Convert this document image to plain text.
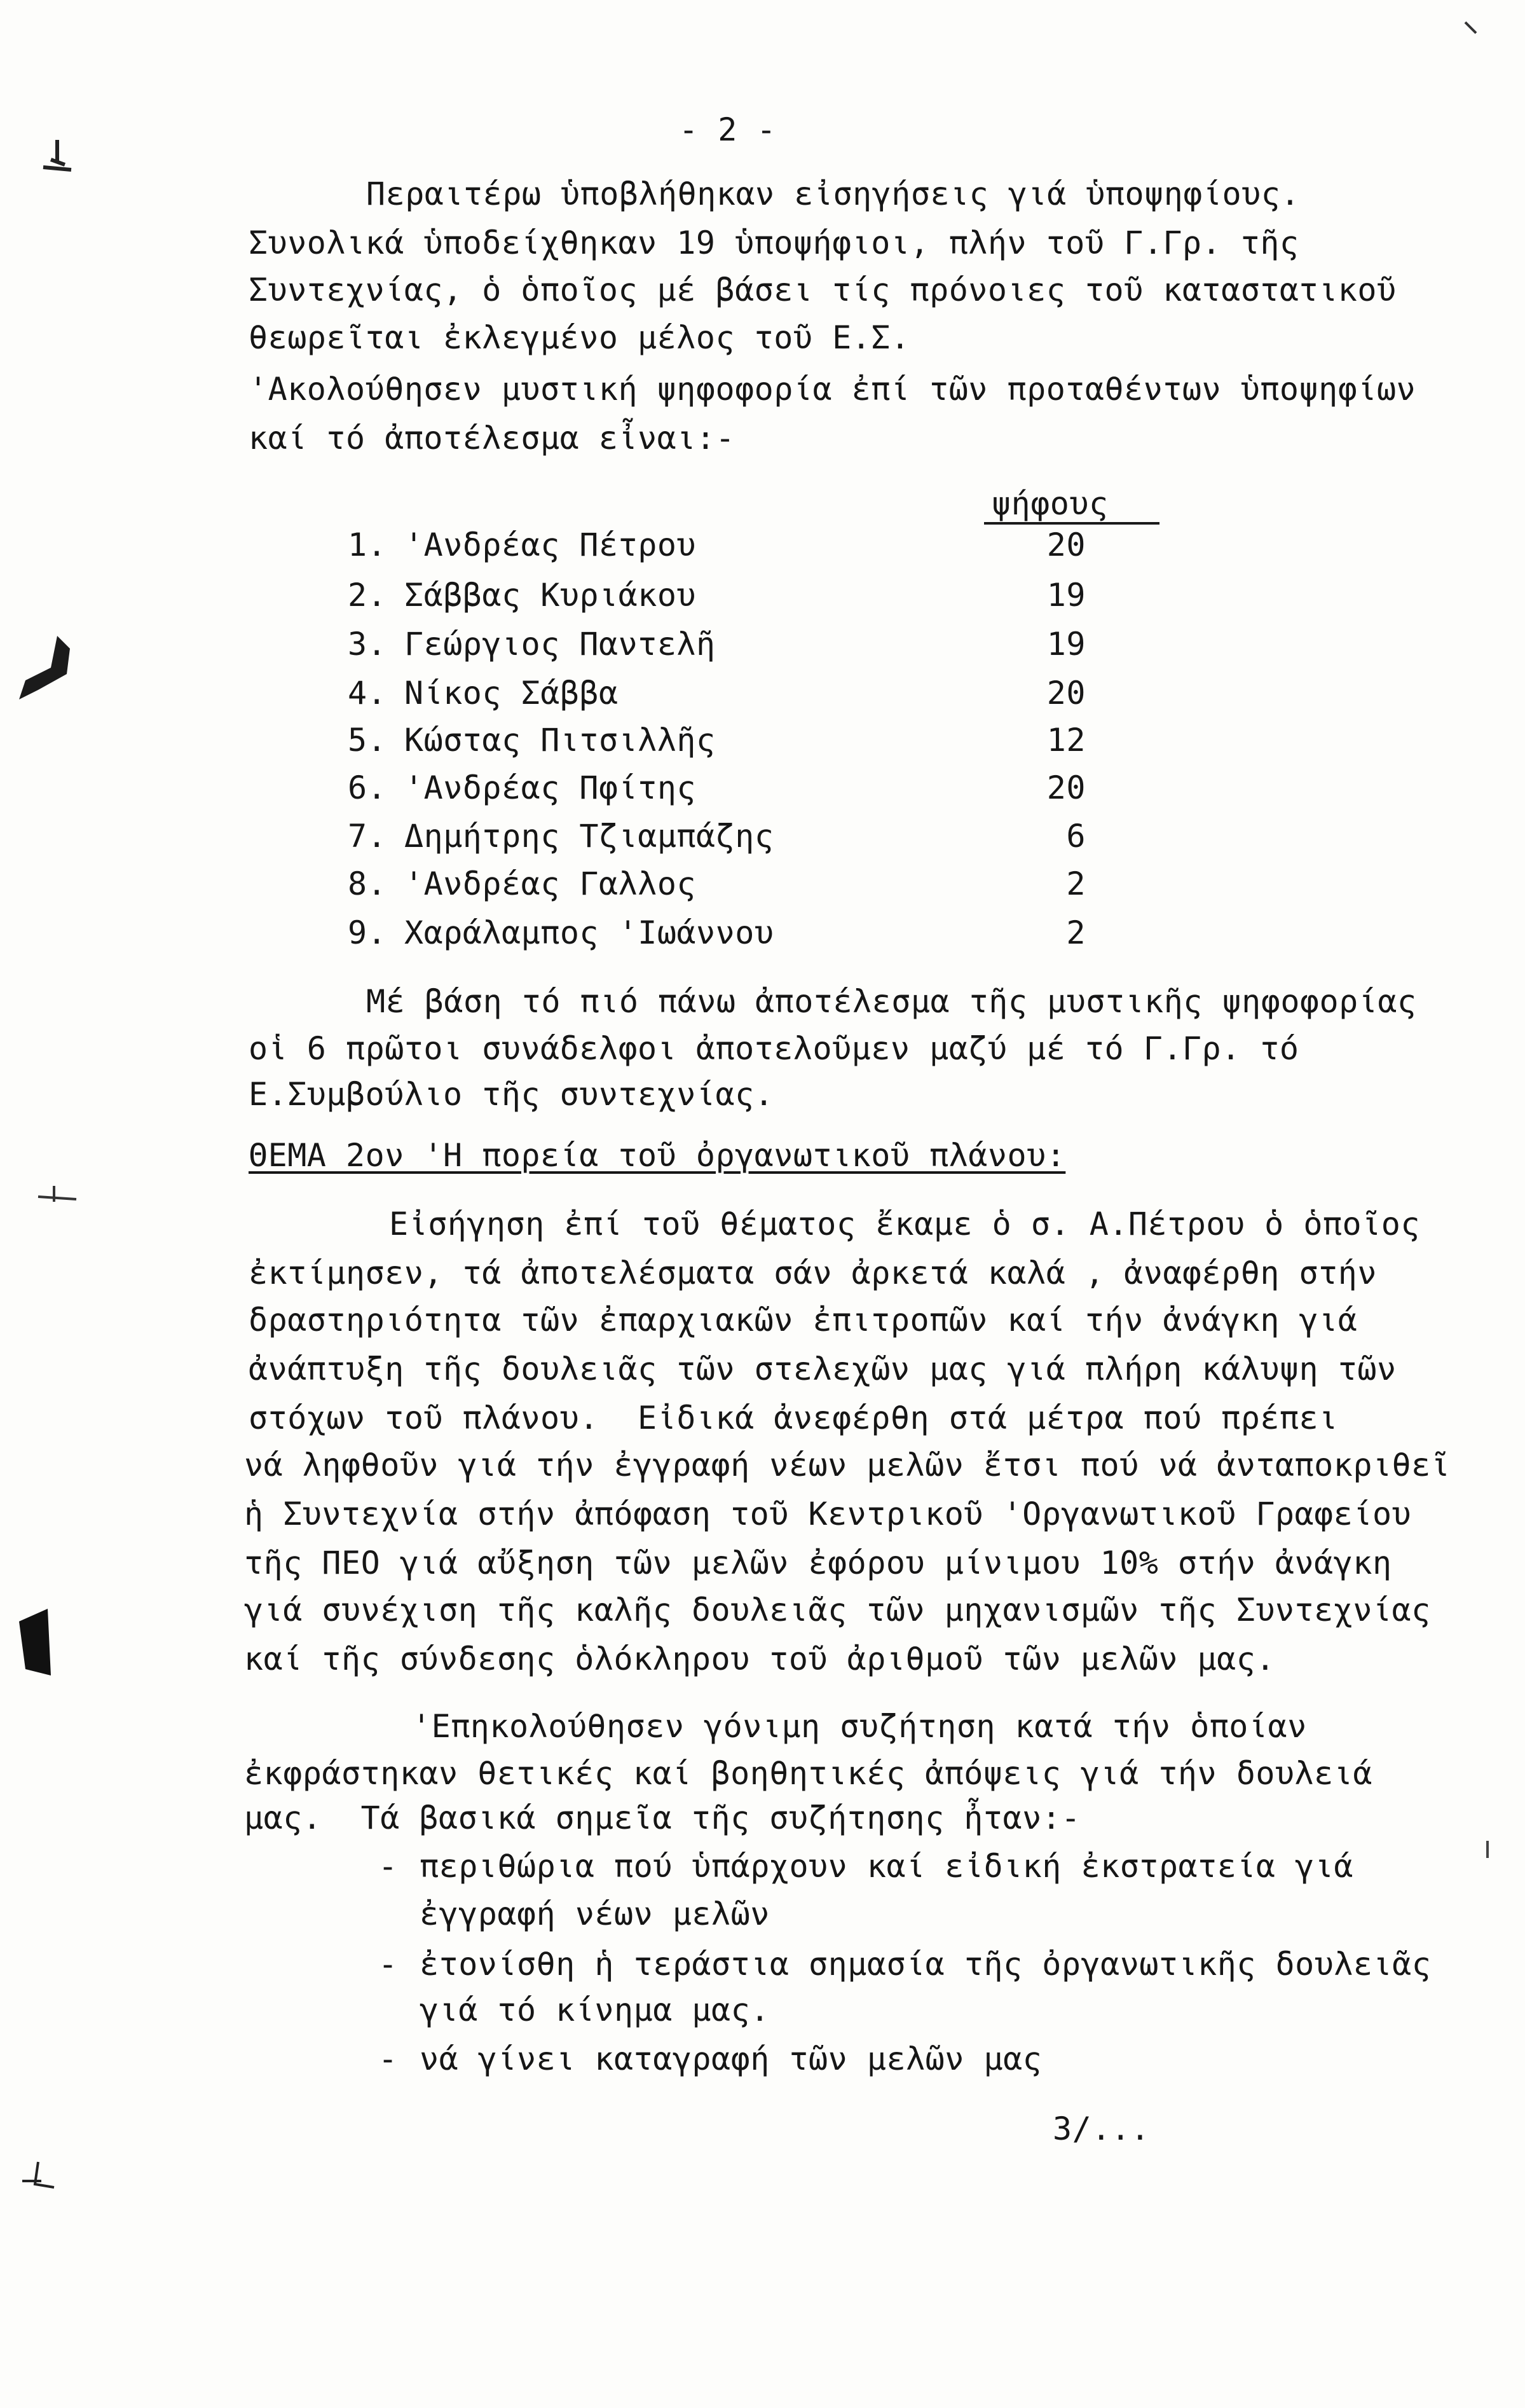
- 2 -
Περαιτέρω ὑποβλήθηκαν εἰσηγήσεις γιά ὑποψηφίους.
Συνολικά ὑποδείχθηκαν 19 ὑποψήφιοι, πλήν τοῦ Γ.Γρ. τῆς
Συντεχνίας, ὁ ὁποῖος μέ βάσει τίς πρόνοιες τοῦ καταστατικοῦ
θεωρεῖται ἐκλεγμένο μέλος τοῦ Ε.Σ.
'Ακολούθησεν μυστική ψηφοφορία ἐπί τῶν προταθέντων ὑποψηφίων
καί τό ἀποτέλεσμα εἶναι:-
ψήφους
1. 'Ανδρέας Πέτρου	20
2. Σάββας Κυριάκου	19
3. Γεώργιος Παντελῆ	19
4. Νίκος Σάββα	20
5. Κώστας Πιτσιλλῆς	12
6. 'Ανδρέας Πφίτης	20
7. Δημήτρης Τζιαμπάζης	6
8. 'Ανδρέας Γαλλος	2
9. Χαράλαμπος 'Ιωάννου	2
Μέ βάση τό πιό πάνω ἀποτέλεσμα τῆς μυστικῆς ψηφοφορίας
οἱ 6 πρῶτοι συνάδελφοι ἀποτελοῦμεν μαζύ μέ τό Γ.Γρ. τό
Ε.Συμβούλιο τῆς συντεχνίας.
ΘΕΜΑ 2ον 'Η πορεία τοῦ ὀργανωτικοῦ πλάνου:
Εἰσήγηση ἐπί τοῦ θέματος ἔκαμε ὁ σ. Α.Πέτρου ὁ ὁποῖος
ἐκτίμησεν, τά ἀποτελέσματα σάν ἀρκετά καλά , ἀναφέρθη στήν
δραστηριότητα τῶν ἐπαρχιακῶν ἐπιτροπῶν καί τήν ἀνάγκη γιά
ἀνάπτυξη τῆς δουλειᾶς τῶν στελεχῶν μας γιά πλήρη κάλυψη τῶν
στόχων τοῦ πλάνου.  Εἰδικά ἀνεφέρθη στά μέτρα πού πρέπει
νά ληφθοῦν γιά τήν ἐγγραφή νέων μελῶν ἔτσι πού νά ἀνταποκριθεῖ
ἡ Συντεχνία στήν ἀπόφαση τοῦ Κεντρικοῦ 'Οργανωτικοῦ Γραφείου
τῆς ΠΕΟ γιά αὔξηση τῶν μελῶν ἐφόρου μίνιμου 10% στήν ἀνάγκη
γιά συνέχιση τῆς καλῆς δουλειᾶς τῶν μηχανισμῶν τῆς Συντεχνίας
καί τῆς σύνδεσης ὁλόκληρου τοῦ ἀριθμοῦ τῶν μελῶν μας.
'Επηκολούθησεν γόνιμη συζήτηση κατά τήν ὁποίαν
ἐκφράστηκαν θετικές καί βοηθητικές ἀπόψεις γιά τήν δουλειά
μας.  Τά βασικά σημεῖα τῆς συζήτησης ἦταν:-
- περιθώρια πού ὑπάρχουν καί εἰδική ἐκστρατεία γιά
ἐγγραφή νέων μελῶν
- ἐτονίσθη ἡ τεράστια σημασία τῆς ὀργανωτικῆς δουλειᾶς
γιά τό κίνημα μας.
- νά γίνει καταγραφή τῶν μελῶν μας
3/...
